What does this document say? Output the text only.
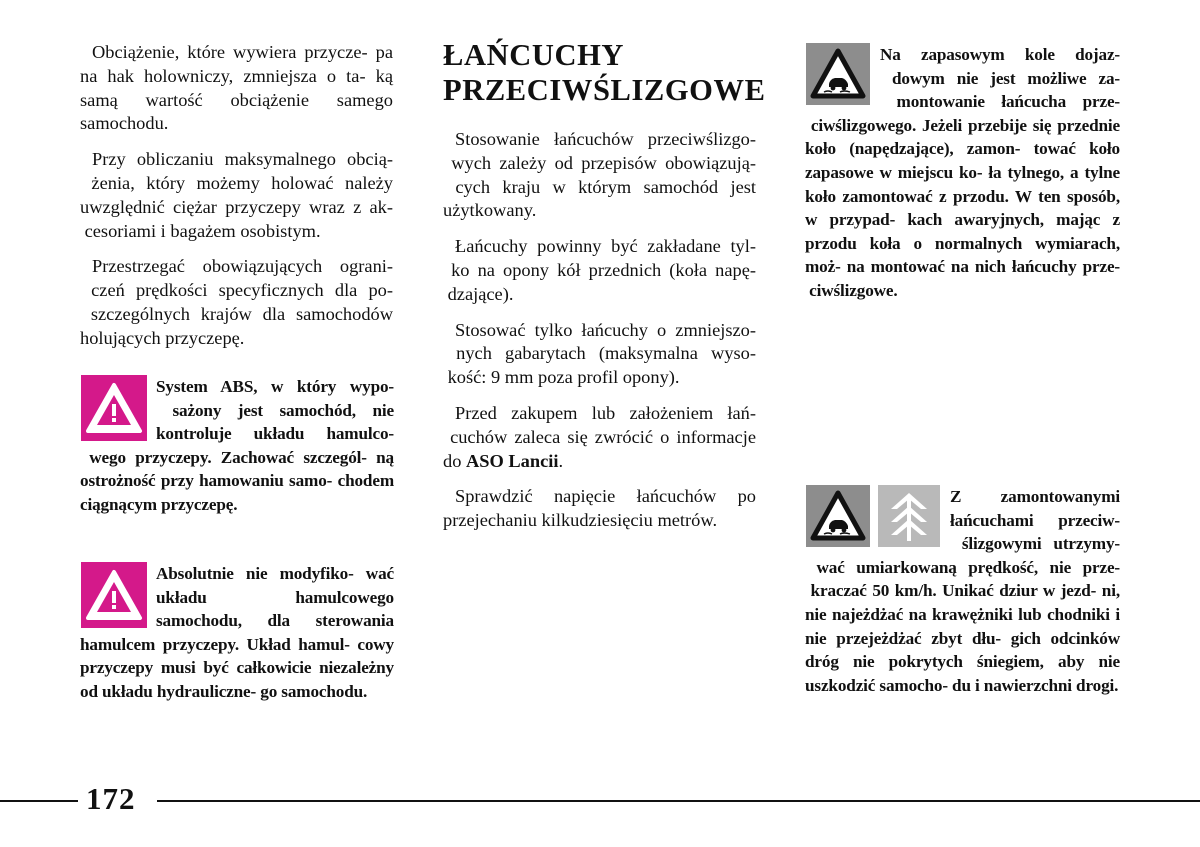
Obciążenie, które wywiera przycze- pa na hak holowniczy, zmniejsza o ta- ką samą wartość obciążenie samego samochodu.

Przy obliczaniu maksymalnego obcią- żenia, który możemy holować należy uwzględnić ciężar przyczepy wraz z ak- cesoriami i bagażem osobistym.

Przestrzegać obowiązujących ograni- czeń prędkości specyficznych dla po- szczególnych krajów dla samochodów holujących przyczepę.

System ABS, w który wypo- sażony jest samochód, nie kontroluje układu hamulco- wego przyczepy. Zachować szczegól- ną ostrożność przy hamowaniu samo- chodem ciągnącym przyczepę.

Absolutnie nie modyfiko- wać układu hamulcowego samochodu, dla sterowania hamulcem przyczepy. Układ hamul- cowy przyczepy musi być całkowicie niezależny od układu hydrauliczne- go samochodu.

ŁAŃCUCHY
PRZECIWŚLIZGOWE

Stosowanie łańcuchów przeciwślizgo- wych zależy od przepisów obowiązują- cych kraju w którym samochód jest użytkowany.

Łańcuchy powinny być zakładane tyl- ko na opony kół przednich (koła napę- dzające).

Stosować tylko łańcuchy o zmniejszo- nych gabarytach (maksymalna wyso- kość: 9 mm poza profil opony).

Przed zakupem lub założeniem łań- cuchów zaleca się zwrócić o informacje do ASO Lancii.

Sprawdzić napięcie łańcuchów po przejechaniu kilkudziesięciu metrów.

Na zapasowym kole dojaz- dowym nie jest możliwe za- montowanie łańcucha prze- ciwślizgowego. Jeżeli przebije się przednie koło (napędzające), zamon- tować koło zapasowe w miejscu ko- ła tylnego, a tylne koło zamontować z przodu. W ten sposób, w przypad- kach awaryjnych, mając z przodu koła o normalnych wymiarach, moż- na montować na nich łańcuchy prze- ciwślizgowe.

Z zamontowanymi łańcuchami przeciw- ślizgowymi utrzymy- wać umiarkowaną prędkość, nie prze- kraczać 50 km/h. Unikać dziur w jezd- ni, nie najeżdżać na krawężniki lub chodniki i nie przejeżdżać zbyt dłu- gich odcinków dróg nie pokrytych śniegiem, aby nie uszkodzić samocho- du i nawierzchni drogi.

172
